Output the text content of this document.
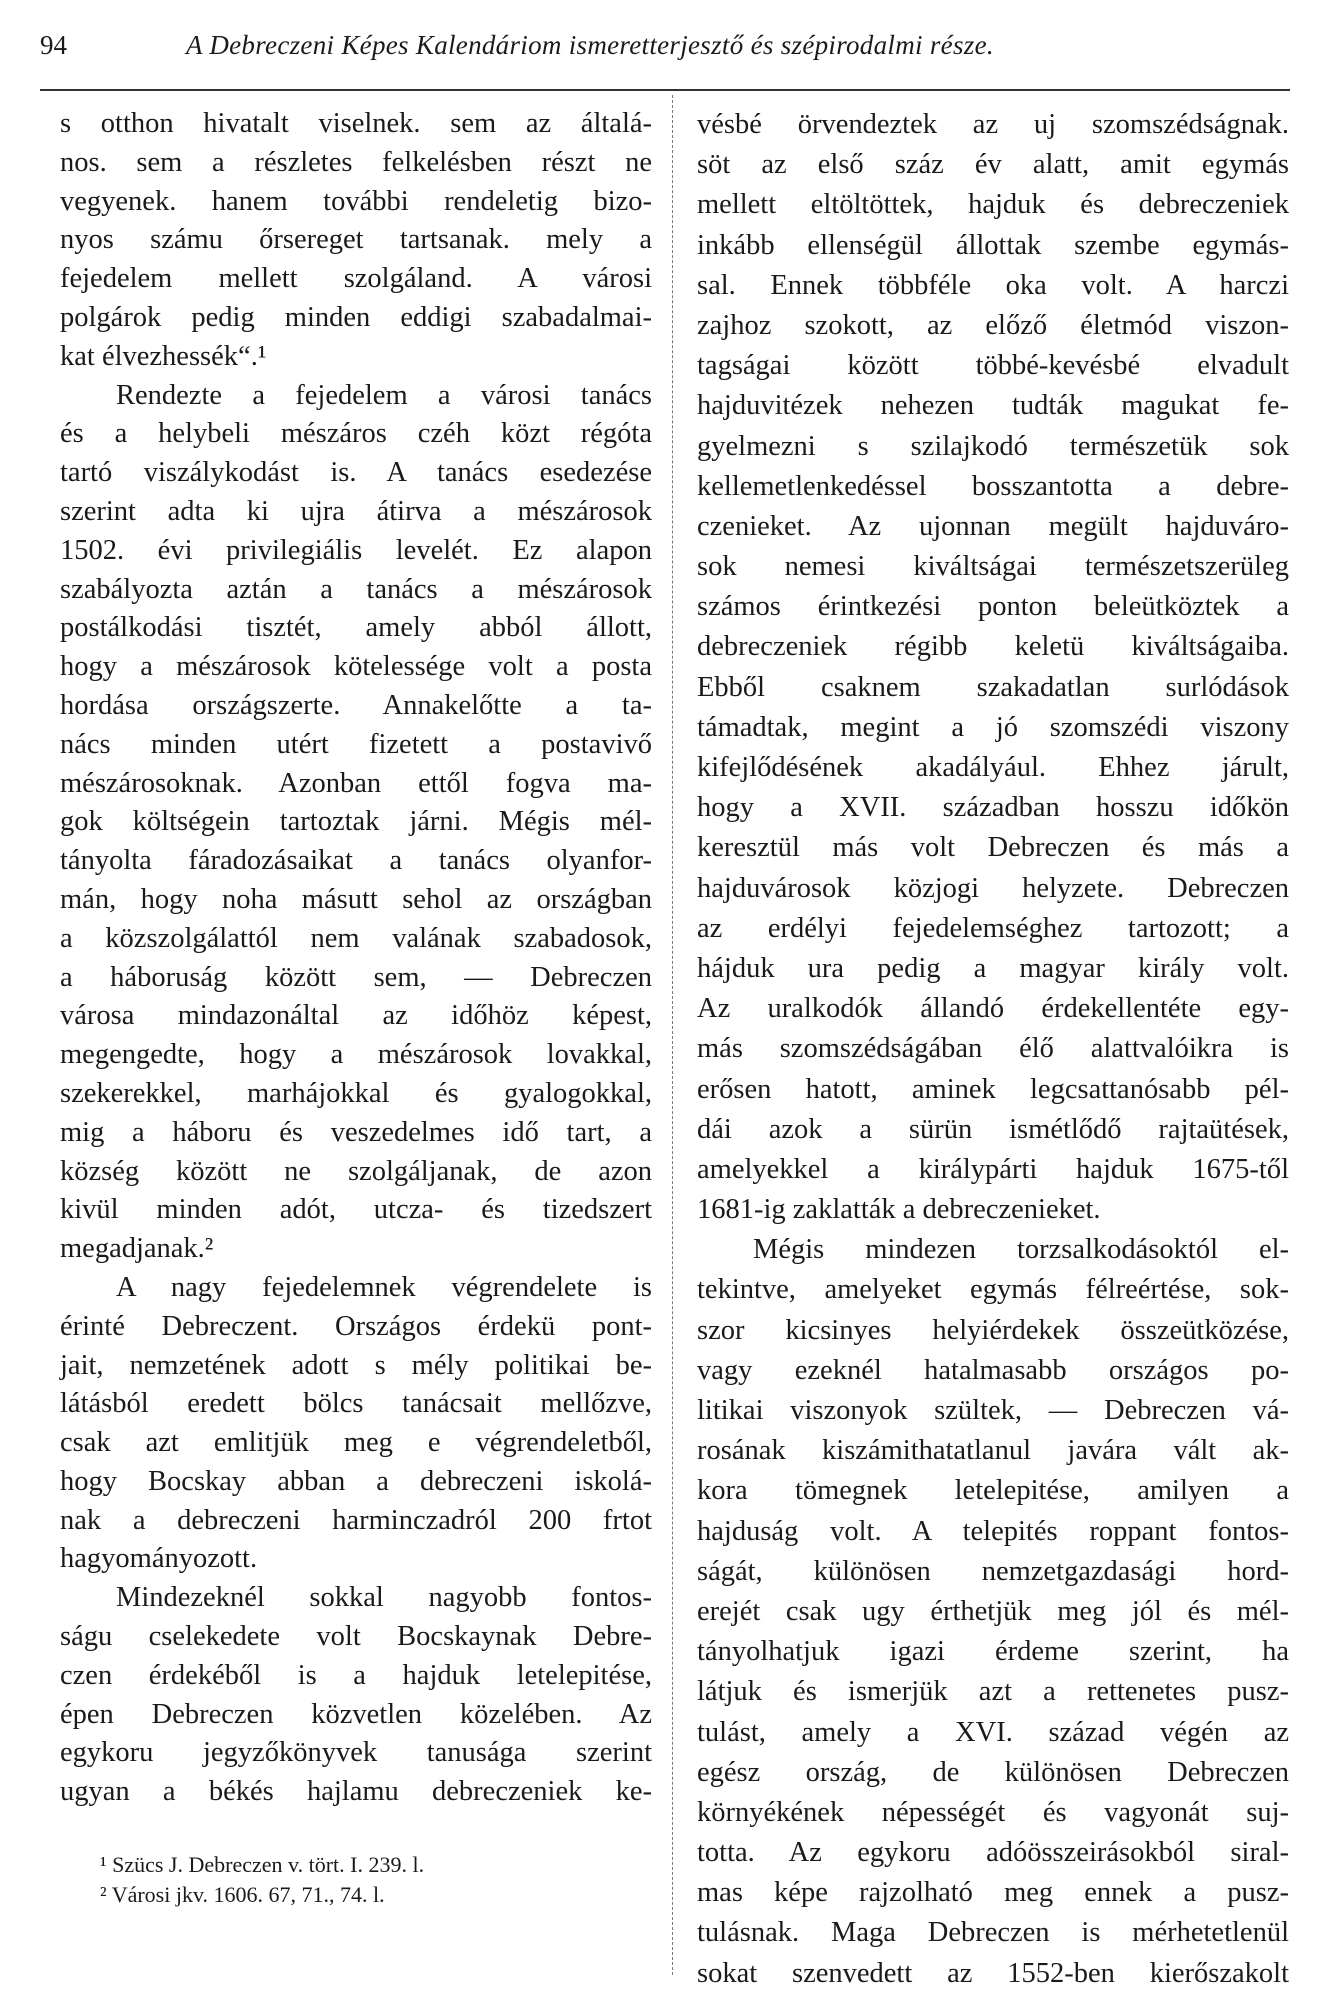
94	A Debreczeni Képes Kalendáriom ismeretterjesztő és szépirodalmi része.
s otthon hivatalt viselnek. sem az általá-
nos. sem a részletes felkelésben részt ne
vegyenek. hanem további rendeletig bizo-
nyos számu őrsereget tartsanak. mely a
fejedelem mellett szolgáland. A városi
polgárok pedig minden eddigi szabadalmai-
kat élvezhessék“.¹
Rendezte a fejedelem a városi tanács
és a helybeli mészáros czéh közt régóta
tartó viszálykodást is. A tanács esedezése
szerint adta ki ujra átirva a mészárosok
1502. évi privilegiális levelét. Ez alapon
szabályozta aztán a tanács a mészárosok
postálkodási tisztét, amely abból állott,
hogy a mészárosok kötelessége volt a posta
hordása országszerte. Annakelőtte a ta-
nács minden utért fizetett a postavivő
mészárosoknak. Azonban ettől fogva ma-
gok költségein tartoztak járni. Mégis mél-
tányolta fáradozásaikat a tanács olyanfor-
mán, hogy noha másutt sehol az országban
a közszolgálattól nem valának szabadosok,
a háboruság között sem, — Debreczen
városa mindazonáltal az időhöz képest,
megengedte, hogy a mészárosok lovakkal,
szekerekkel, marhájokkal és gyalogokkal,
mig a háboru és veszedelmes idő tart, a
község között ne szolgáljanak, de azon
kivül minden adót, utcza- és tizedszert
megadjanak.²
A nagy fejedelemnek végrendelete is
érinté Debreczent. Országos érdekü pont-
jait, nemzetének adott s mély politikai be-
látásból eredett bölcs tanácsait mellőzve,
csak azt emlitjük meg e végrendeletből,
hogy Bocskay abban a debreczeni iskolá-
nak a debreczeni harminczadról 200 frtot
hagyományozott.
Mindezeknél sokkal nagyobb fontos-
ságu cselekedete volt Bocskaynak Debre-
czen érdekéből is a hajduk letelepitése,
épen Debreczen közvetlen közelében. Az
egykoru jegyzőkönyvek tanusága szerint
ugyan a békés hajlamu debreczeniek ke-
vésbé örvendeztek az uj szomszédságnak.
söt az első száz év alatt, amit egymás
mellett eltöltöttek, hajduk és debreczeniek
inkább ellenségül állottak szembe egymás-
sal. Ennek többféle oka volt. A harczi
zajhoz szokott, az előző életmód viszon-
tagságai között többé-kevésbé elvadult
hajduvitézek nehezen tudták magukat fe-
gyelmezni s szilajkodó természetük sok
kellemetlenkedéssel bosszantotta a debre-
czenieket. Az ujonnan megült hajduváro-
sok nemesi kiváltságai természetszerüleg
számos érintkezési ponton beleütköztek a
debreczeniek régibb keletü kiváltságaiba.
Ebből csaknem szakadatlan surlódások
támadtak, megint a jó szomszédi viszony
kifejlődésének akadályául. Ehhez járult,
hogy a XVII. században hosszu időkön
keresztül más volt Debreczen és más a
hajduvárosok közjogi helyzete. Debreczen
az erdélyi fejedelemséghez tartozott; a
hájduk ura pedig a magyar király volt.
Az uralkodók állandó érdekellentéte egy-
más szomszédságában élő alattvalóikra is
erősen hatott, aminek legcsattanósabb pél-
dái azok a sürün ismétlődő rajtaütések,
amelyekkel a királypárti hajduk 1675-től
1681-ig zaklatták a debreczenieket.
Mégis mindezen torzsalkodásoktól el-
tekintve, amelyeket egymás félreértése, sok-
szor kicsinyes helyiérdekek összeütközése,
vagy ezeknél hatalmasabb országos po-
litikai viszonyok szültek, — Debreczen vá-
rosának kiszámithatatlanul javára vált ak-
kora tömegnek letelepitése, amilyen a
hajduság volt. A telepités roppant fontos-
ságát, különösen nemzetgazdasági hord-
erejét csak ugy érthetjük meg jól és mél-
tányolhatjuk igazi érdeme szerint, ha
látjuk és ismerjük azt a rettenetes pusz-
tulást, amely a XVI. század végén az
egész ország, de különösen Debreczen
környékének népességét és vagyonát suj-
totta. Az egykoru adóösszeirásokból siral-
mas képe rajzolható meg ennek a pusz-
tulásnak. Maga Debreczen is mérhetetlenül
sokat szenvedett az 1552-ben kierőszakolt
¹ Szücs J. Debreczen v. tört. I. 239. l.
² Városi jkv. 1606. 67, 71., 74. l.
